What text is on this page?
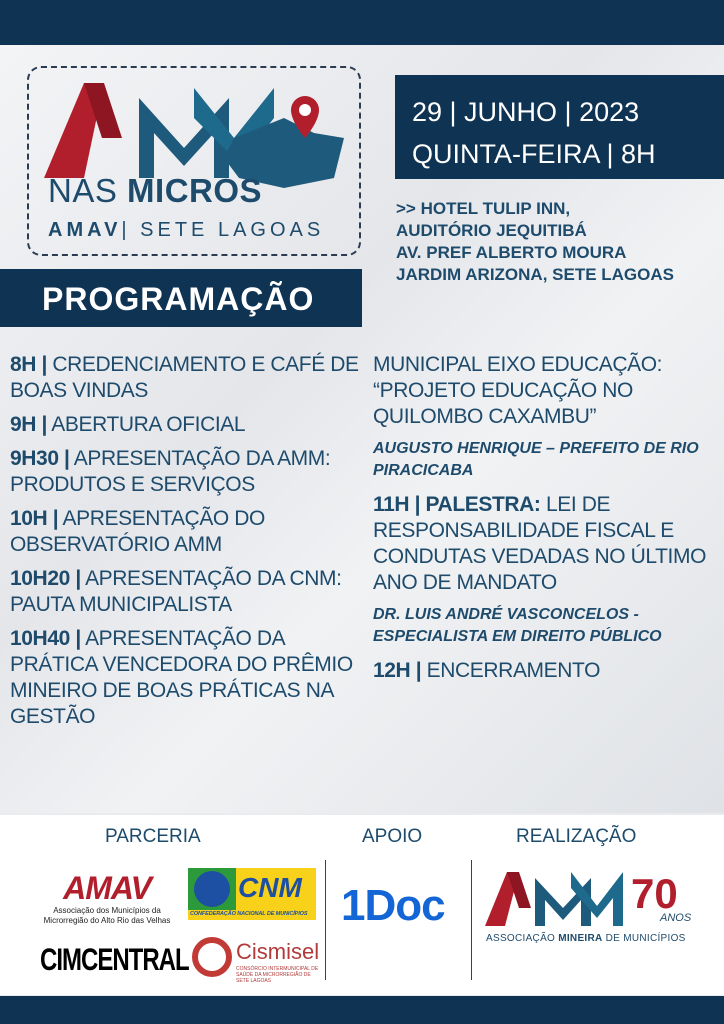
NAS MICROS
AMAV| SETE LAGOAS
29 | JUNHO | 2023
QUINTA-FEIRA | 8H
>> HOTEL TULIP INN,
AUDITÓRIO JEQUITIBÁ
AV. PREF ALBERTO MOURA
JARDIM ARIZONA, SETE LAGOAS
PROGRAMAÇÃO
8H | CREDENCIAMENTO E CAFÉ DE BOAS VINDAS
9H | ABERTURA OFICIAL
9H30 | APRESENTAÇÃO DA AMM: PRODUTOS E SERVIÇOS
10H | APRESENTAÇÃO DO OBSERVATÓRIO AMM
10H20 | APRESENTAÇÃO DA CNM: PAUTA MUNICIPALISTA
10H40 | APRESENTAÇÃO DA PRÁTICA VENCEDORA DO PRÊMIO MINEIRO DE BOAS PRÁTICAS NA GESTÃO
MUNICIPAL EIXO EDUCAÇÃO: “PROJETO EDUCAÇÃO NO QUILOMBO CAXAMBU”
AUGUSTO HENRIQUE – PREFEITO DE RIO PIRACICABA
11H | PALESTRA: LEI DE RESPONSABILIDADE FISCAL E CONDUTAS VEDADAS NO ÚLTIMO ANO DE MANDATO
DR. LUIS ANDRÉ VASCONCELOS - ESPECIALISTA EM DIREITO PÚBLICO
12H | ENCERRAMENTO
PARCERIA	APOIO	REALIZAÇÃO
AMAV
Associação dos Municípios da Microrregião do Alto Rio das Velhas
CNM
CONFEDERAÇÃO NACIONAL DE MUNICÍPIOS
CIMCENTRAL Cismisel
CONSÓRCIO INTERMUNICIPAL DE SAÚDE DA MICRORREGIÃO DE SETE LAGOAS
1Doc	70
ANOS
ASSOCIAÇÃO MINEIRA DE MUNICÍPIOS
